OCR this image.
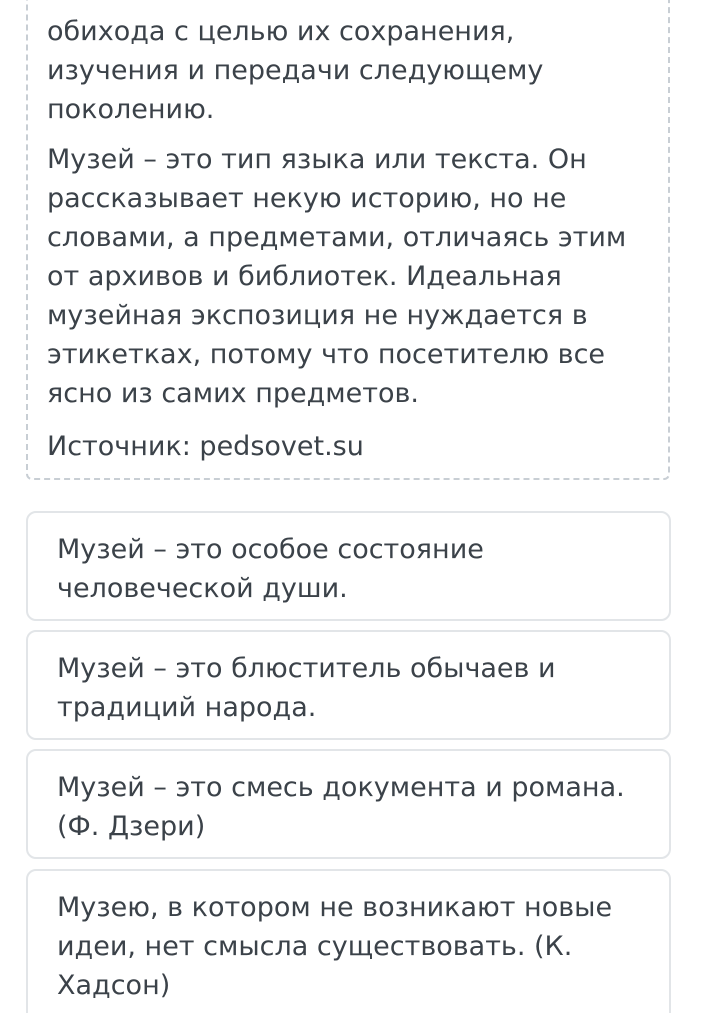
обихода с целью их сохранения, изучения и передачи следующему поколению.

Музей – это тип языка или текста. Он рассказывает некую историю, но не словами, а предметами, отличаясь этим от архивов и библиотек. Идеальная музейная экспозиция не нуждается в этикетках, потому что посетителю все ясно из самих предметов.

Источник: pedsovet.su

Музей – это особое состояние человеческой души.

Музей – это блюститель обычаев и традиций народа.

Музей – это смесь документа и романа. (Ф. Дзери)

Музею, в котором не возникают новые идеи, нет смысла существовать. (К. Хадсон)
